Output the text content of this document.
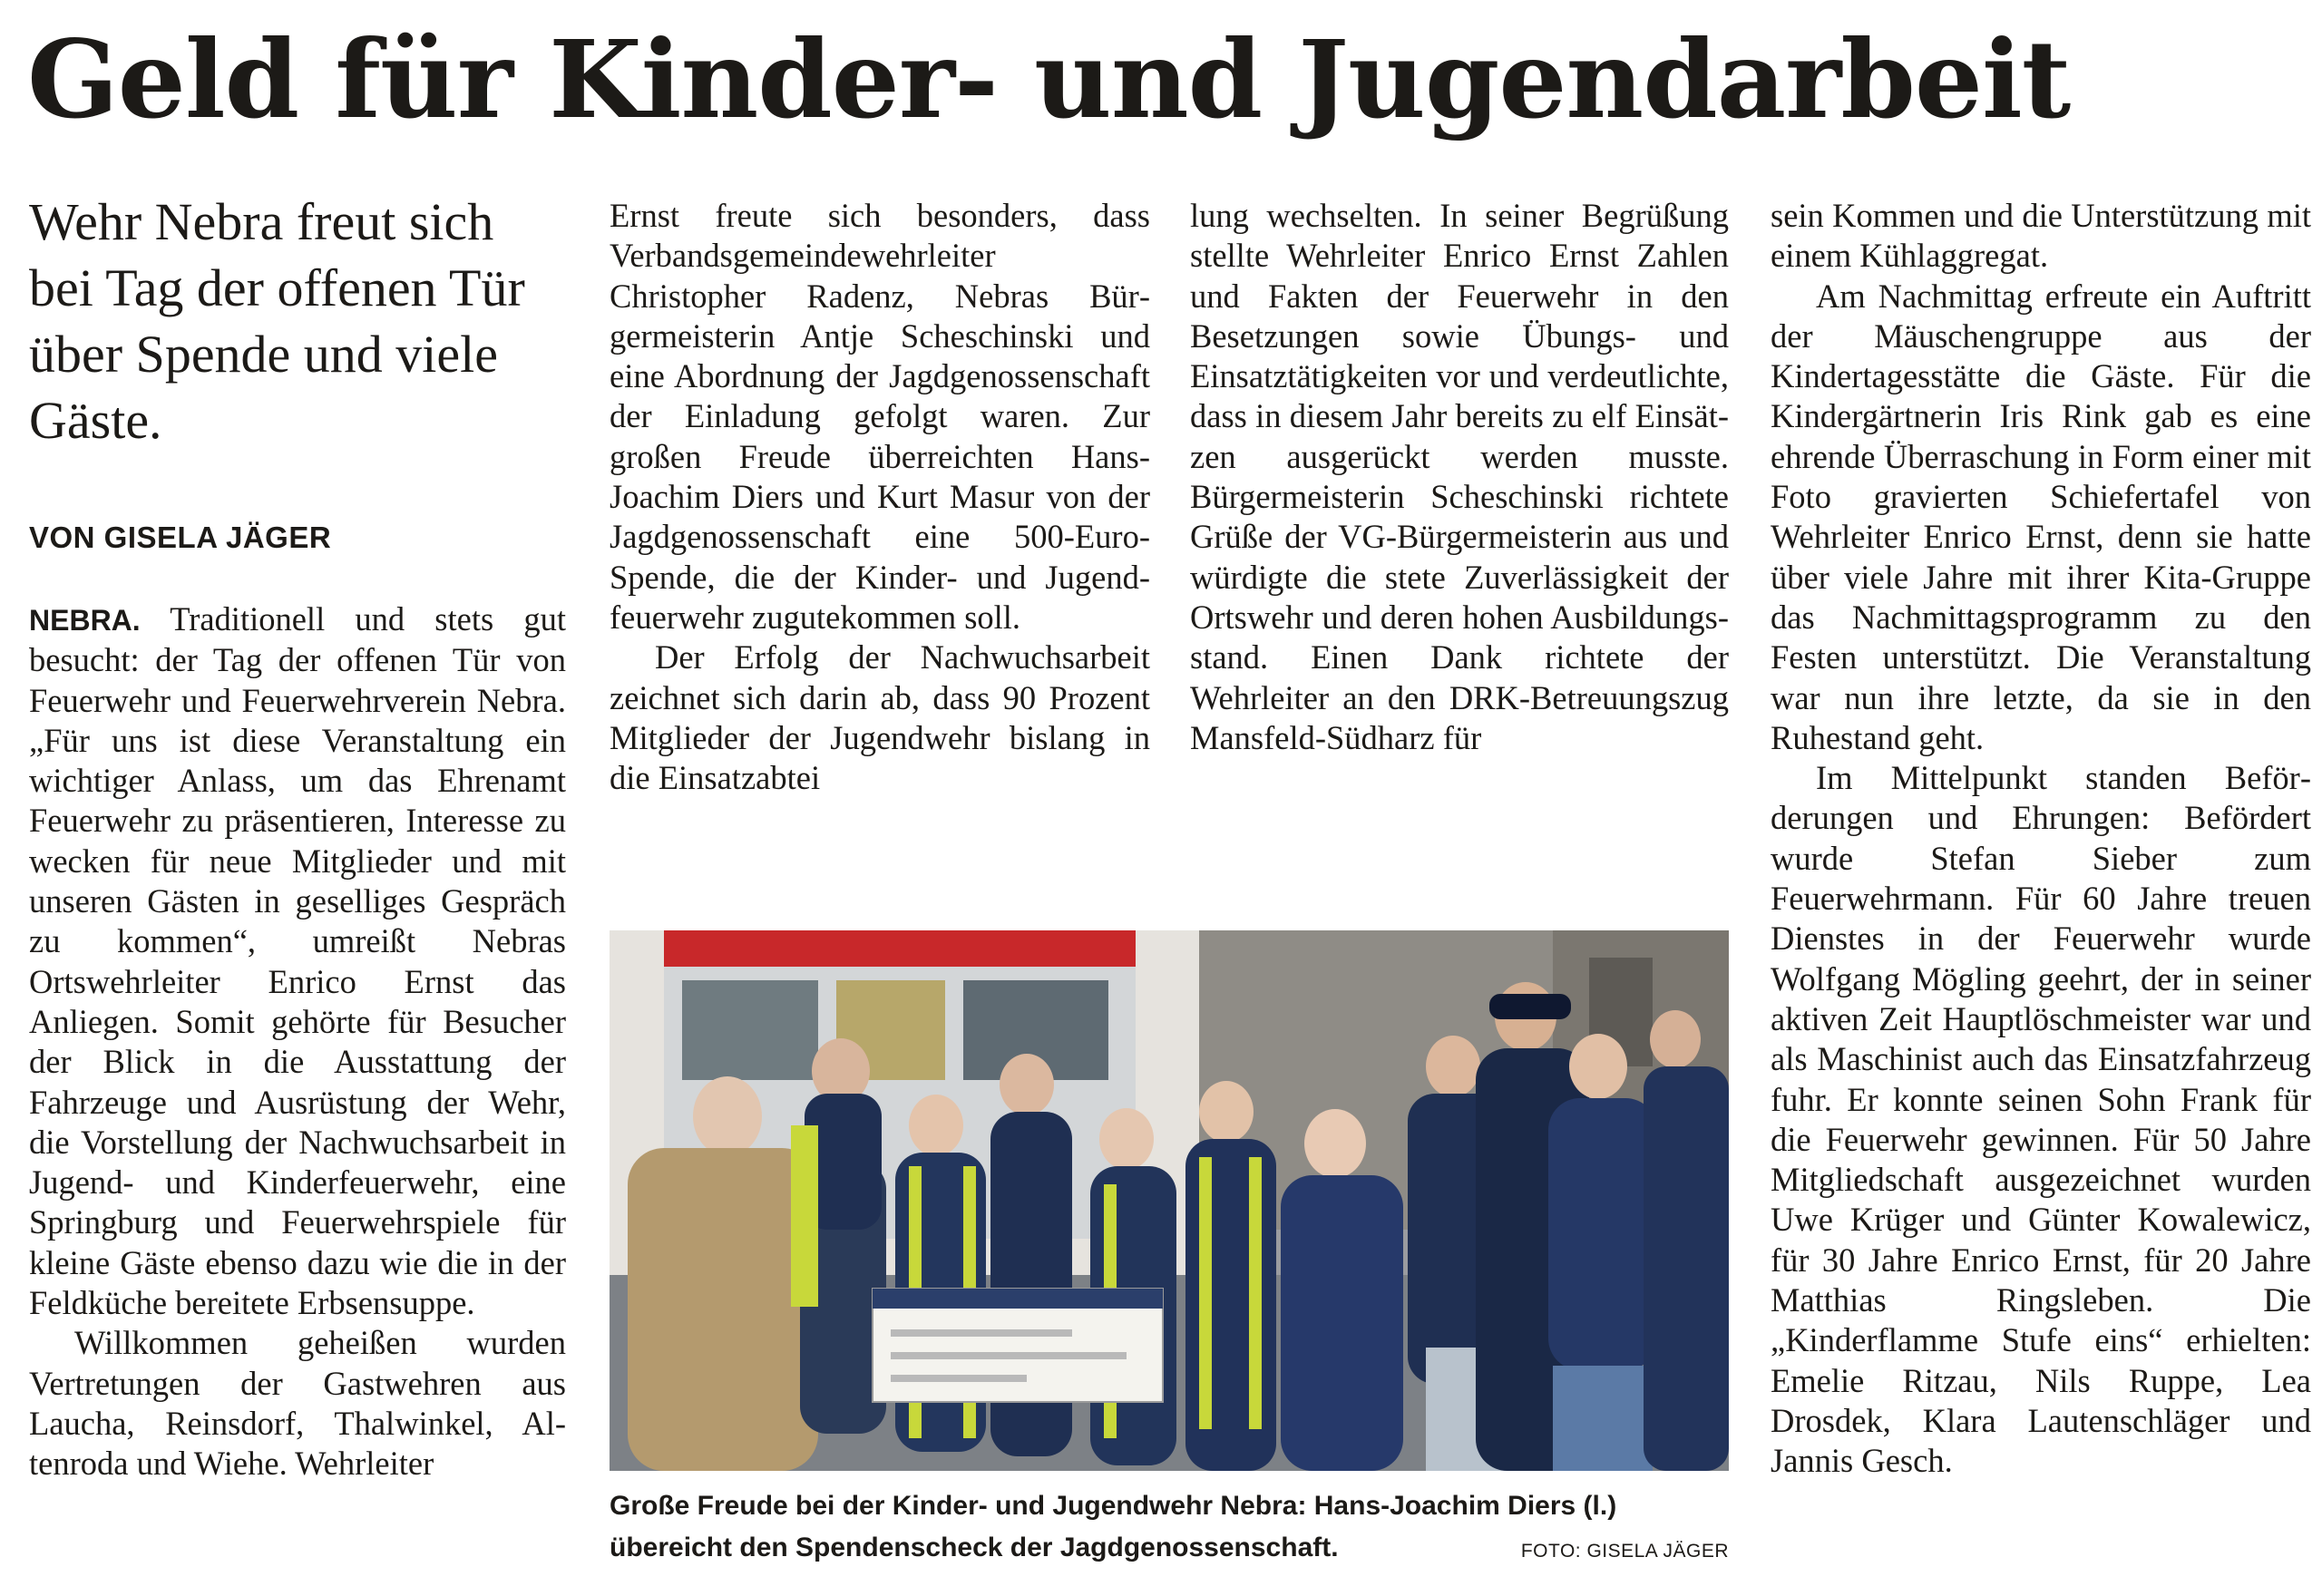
Geld für Kinder- und Jugendarbeit
Wehr Nebra freut sich bei Tag der offenen Tür über Spende und viele Gäste.
VON GISELA JÄGER

NEBRA. Traditionell und stets gut besucht: der Tag der offenen Tür von Feuerwehr und Feuerwehrverein Nebra. „Für uns ist diese Veranstaltung ein wichtiger Anlass, um das Ehrenamt Feuerwehr zu präsentieren, Interesse zu wecken für neue Mitglieder und mit unseren Gästen in geselliges Gespräch zu kommen“, umreißt Nebras Ortswehrleiter Enrico Ernst das Anliegen. Somit gehörte für Besucher der Blick in die Ausstattung der Fahrzeuge und Ausrüstung der Wehr, die Vorstellung der Nachwuchsarbeit in Jugend- und Kinderfeuerwehr, eine Springburg und Feuerwehrspiele für kleine Gäste ebenso dazu wie die in der Feldküche bereitete Erbsensuppe.

Willkommen geheißen wurden Vertretungen der Gastwehren aus Laucha, Reinsdorf, Thalwinkel, Altenroda und Wiehe. Wehrleiter

Ernst freute sich besonders, dass Verbandsgemeindewehrleiter Christopher Radenz, Nebras Bürgermeisterin Antje Scheschinski und eine Abordnung der Jagdgenossenschaft der Einladung gefolgt waren. Zur großen Freude überreichten Hans-Joachim Diers und Kurt Masur von der Jagdgenossenschaft eine 500-Euro-Spende, die der Kinder- und Jugendfeuerwehr zugutekommen soll.

Der Erfolg der Nachwuchsarbeit zeichnet sich darin ab, dass 90 Prozent Mitglieder der Jugendwehr bislang in die Einsatzabtei

lung wechselten. In seiner Begrüßung stellte Wehrleiter Enrico Ernst Zahlen und Fakten der Feuerwehr in den Besetzungen sowie Übungs- und Einsatztätigkeiten vor und verdeutlichte, dass in diesem Jahr bereits zu elf Einsätzen ausgerückt werden musste. Bürgermeisterin Scheschinski richtete Grüße der VG-Bürgermeisterin aus und würdigte die stete Zuverlässigkeit der Ortswehr und deren hohen Ausbildungsstand. Einen Dank richtete der Wehrleiter an den DRK-Betreuungszug Mansfeld-Südharz für

sein Kommen und die Unterstützung mit einem Kühlaggregat.

Am Nachmittag erfreute ein Auftritt der Mäuschengruppe aus der Kindertagesstätte die Gäste. Für die Kindergärtnerin Iris Rink gab es eine ehrende Überraschung in Form einer mit Foto gravierten Schiefertafel von Wehrleiter Enrico Ernst, denn sie hatte über viele Jahre mit ihrer Kita-Gruppe das Nachmittagsprogramm zu den Festen unterstützt. Die Veranstaltung war nun ihre letzte, da sie in den Ruhestand geht.

Im Mittelpunkt standen Beförderungen und Ehrungen: Befördert wurde Stefan Sieber zum Feuerwehrmann. Für 60 Jahre treuen Dienstes in der Feuerwehr wurde Wolfgang Mögling geehrt, der in seiner aktiven Zeit Hauptlöschmeister war und als Maschinist auch das Einsatzfahrzeug fuhr. Er konnte seinen Sohn Frank für die Feuerwehr gewinnen. Für 50 Jahre Mitgliedschaft ausgezeichnet wurden Uwe Krüger und Günter Kowalewicz, für 30 Jahre Enrico Ernst, für 20 Jahre Matthias Ringsleben. Die „Kinderflamme Stufe eins“ erhielten: Emelie Ritzau, Nils Ruppe, Lea Drosdek, Klara Lautenschläger und Jannis Gesch.

Große Freude bei der Kinder- und Jugendwehr Nebra: Hans-Joachim Diers (l.) übereicht den Spendenscheck der Jagdgenossenschaft.	FOTO: GISELA JÄGER
